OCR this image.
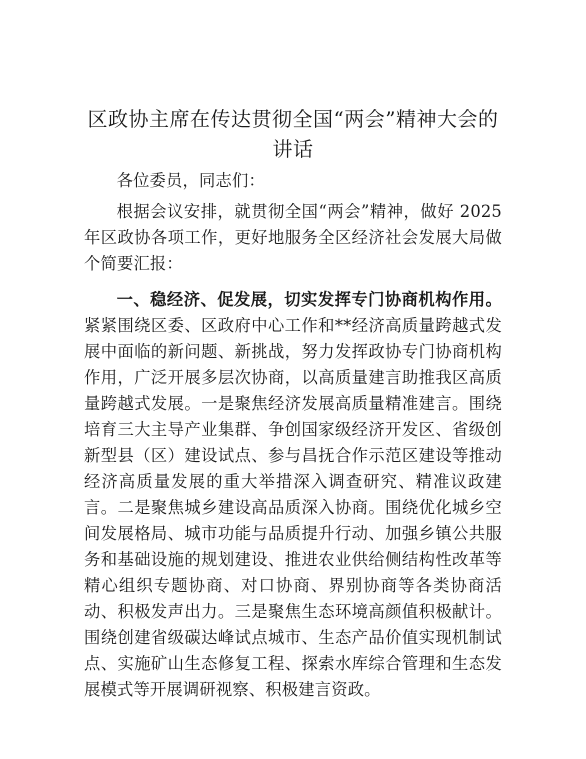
区政协主席在传达贯彻全国“两会”精神大会的讲话

各位委员，同志们：

根据会议安排，就贯彻全国“两会”精神，做好 2025 年区政协各项工作，更好地服务全区经济社会发展大局做个简要汇报：

一、稳经济、促发展，切实发挥专门协商机构作用。紧紧围绕区委、区政府中心工作和**经济高质量跨越式发展中面临的新问题、新挑战，努力发挥政协专门协商机构作用，广泛开展多层次协商，以高质量建言助推我区高质量跨越式发展。一是聚焦经济发展高质量精准建言。围绕培育三大主导产业集群、争创国家级经济开发区、省级创新型县（区）建设试点、参与昌抚合作示范区建设等推动经济高质量发展的重大举措深入调查研究、精准议政建言。二是聚焦城乡建设高品质深入协商。围绕优化城乡空间发展格局、城市功能与品质提升行动、加强乡镇公共服务和基础设施的规划建设、推进农业供给侧结构性改革等精心组织专题协商、对口协商、界别协商等各类协商活动、积极发声出力。三是聚焦生态环境高颜值积极献计。围绕创建省级碳达峰试点城市、生态产品价值实现机制试点、实施矿山生态修复工程、探索水库综合管理和生态发展模式等开展调研视察、积极建言资政。
